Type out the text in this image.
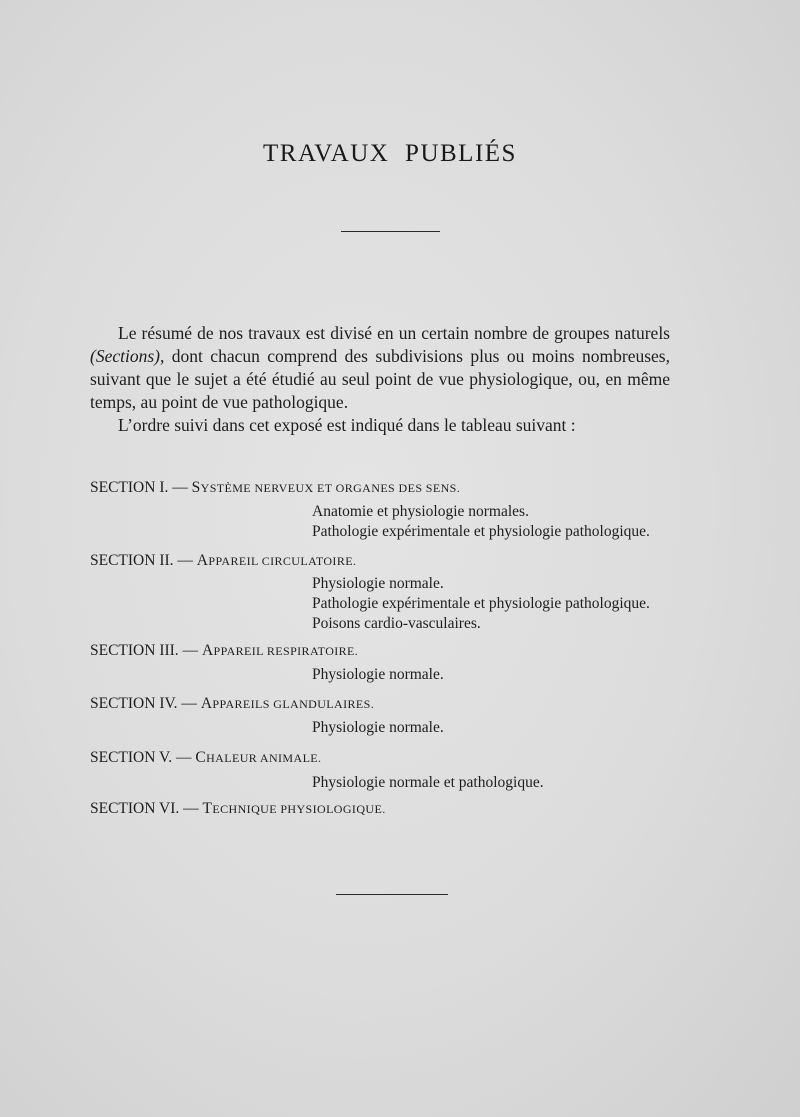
TRAVAUX PUBLIÉS

Le résumé de nos travaux est divisé en un certain nombre de groupes naturels (Sections), dont chacun comprend des subdivisions plus ou moins nombreuses, suivant que le sujet a été étudié au seul point de vue physiologique, ou, en même temps, au point de vue pathologique.

L’ordre suivi dans cet exposé est indiqué dans le tableau suivant :

SECTION I. — SYSTÈME NERVEUX ET ORGANES DES SENS.
Anatomie et physiologie normales.
Pathologie expérimentale et physiologie pathologique.
SECTION II. — APPAREIL CIRCULATOIRE.
Physiologie normale.
Pathologie expérimentale et physiologie pathologique.
Poisons cardio-vasculaires.
SECTION III. — APPAREIL RESPIRATOIRE.
Physiologie normale.
SECTION IV. — APPAREILS GLANDULAIRES.
Physiologie normale.
SECTION V. — CHALEUR ANIMALE.
Physiologie normale et pathologique.
SECTION VI. — TECHNIQUE PHYSIOLOGIQUE.
